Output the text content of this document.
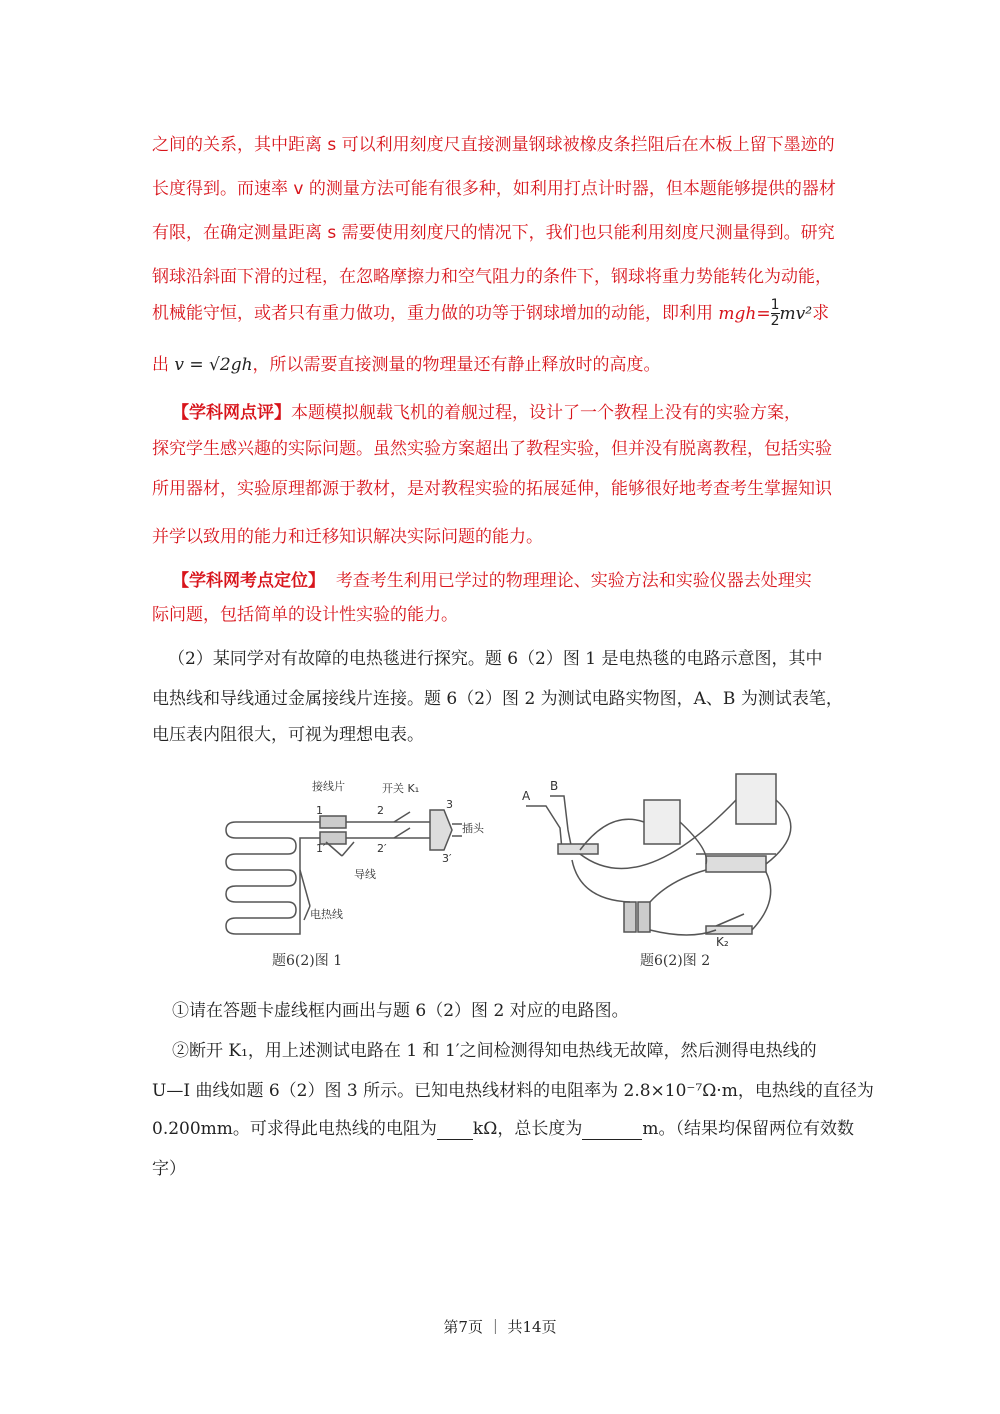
之间的关系，其中距离 s 可以利用刻度尺直接测量钢球被橡皮条拦阻后在木板上留下墨迹的
长度得到。而速率 v 的测量方法可能有很多种，如利用打点计时器，但本题能够提供的器材
有限，在确定测量距离 s 需要使用刻度尺的情况下，我们也只能利用刻度尺测量得到。研究
钢球沿斜面下滑的过程，在忽略摩擦力和空气阻力的条件下，钢球将重力势能转化为动能，
机械能守恒，或者只有重力做功，重力做的功等于钢球增加的动能，即利用 $mgh= \frac{1}{2} mv^2$求
出 v = √2gh，所以需要直接测量的物理量还有静止释放时的高度。
【学科网点评】本题模拟舰载飞机的着舰过程，设计了一个教程上没有的实验方案，
探究学生感兴趣的实际问题。虽然实验方案超出了教程实验，但并没有脱离教程，包括实验
所用器材，实验原理都源于教材，是对教程实验的拓展延伸，能够很好地考查考生掌握知识
并学以致用的能力和迁移知识解决实际问题的能力。
【学科网考点定位】 考查考生利用已学过的物理理论、实验方法和实验仪器去处理实
际问题，包括简单的设计性实验的能力。
（2）某同学对有故障的电热毯进行探究。题 6（2）图 1 是电热毯的电路示意图，其中
电热线和导线通过金属接线片连接。题 6（2）图 2 为测试电路实物图，A、B 为测试表笔，
电压表内阻很大，可视为理想电表。
接线片	开关 K₁
1
1′
2
2′
3
3′
插头
导线
电热线
题6(2)图 1
A
B
K₂
题6(2)图 2
①请在答题卡虚线框内画出与题 6（2）图 2 对应的电路图。
②断开 K₁，用上述测试电路在 1 和 1′之间检测得知电热线无故障，然后测得电热线的
U—I 曲线如题 6（2）图 3 所示。已知电热线材料的电阻率为 2.8×10⁻⁷Ω·m，电热线的直径为
0.200mm。可求得此电热线的电阻为 kΩ，总长度为	m。（结果均保留两位有效数
字）
第7页 ｜ 共14页
